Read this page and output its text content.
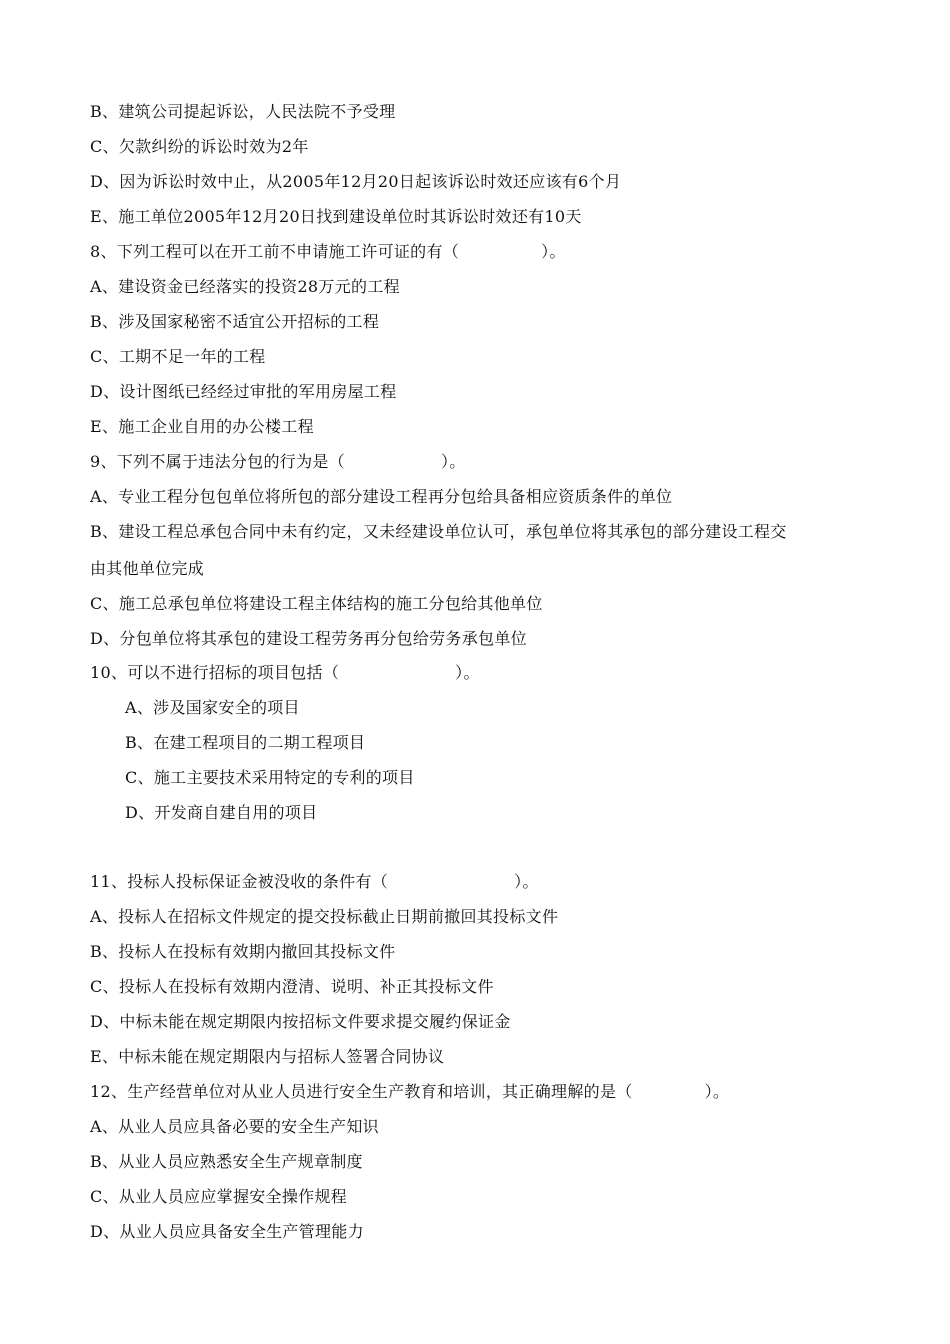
B、建筑公司提起诉讼，人民法院不予受理
C、欠款纠纷的诉讼时效为2年
D、因为诉讼时效中止，从2005年12月20日起该诉讼时效还应该有6个月
E、施工单位2005年12月20日找到建设单位时其诉讼时效还有10天
8、下列工程可以在开工前不申请施工许可证的有（	）。
A、建设资金已经落实的投资28万元的工程
B、涉及国家秘密不适宜公开招标的工程
C、工期不足一年的工程
D、设计图纸已经经过审批的军用房屋工程
E、施工企业自用的办公楼工程
9、下列不属于违法分包的行为是（	）。
A、专业工程分包包单位将所包的部分建设工程再分包给具备相应资质条件的单位
B、建设工程总承包合同中未有约定，又未经建设单位认可，承包单位将其承包的部分建设工程交
由其他单位完成
C、施工总承包单位将建设工程主体结构的施工分包给其他单位
D、分包单位将其承包的建设工程劳务再分包给劳务承包单位
10、可以不进行招标的项目包括（	）。
A、涉及国家安全的项目
B、在建工程项目的二期工程项目
C、施工主要技术采用特定的专利的项目
D、开发商自建自用的项目
11、投标人投标保证金被没收的条件有（	）。
A、投标人在招标文件规定的提交投标截止日期前撤回其投标文件
B、投标人在投标有效期内撤回其投标文件
C、投标人在投标有效期内澄清、说明、补正其投标文件
D、中标未能在规定期限内按招标文件要求提交履约保证金
E、中标未能在规定期限内与招标人签署合同协议
12、生产经营单位对从业人员进行安全生产教育和培训，其正确理解的是（	）。
A、从业人员应具备必要的安全生产知识
B、从业人员应熟悉安全生产规章制度
C、从业人员应应掌握安全操作规程
D、从业人员应具备安全生产管理能力
